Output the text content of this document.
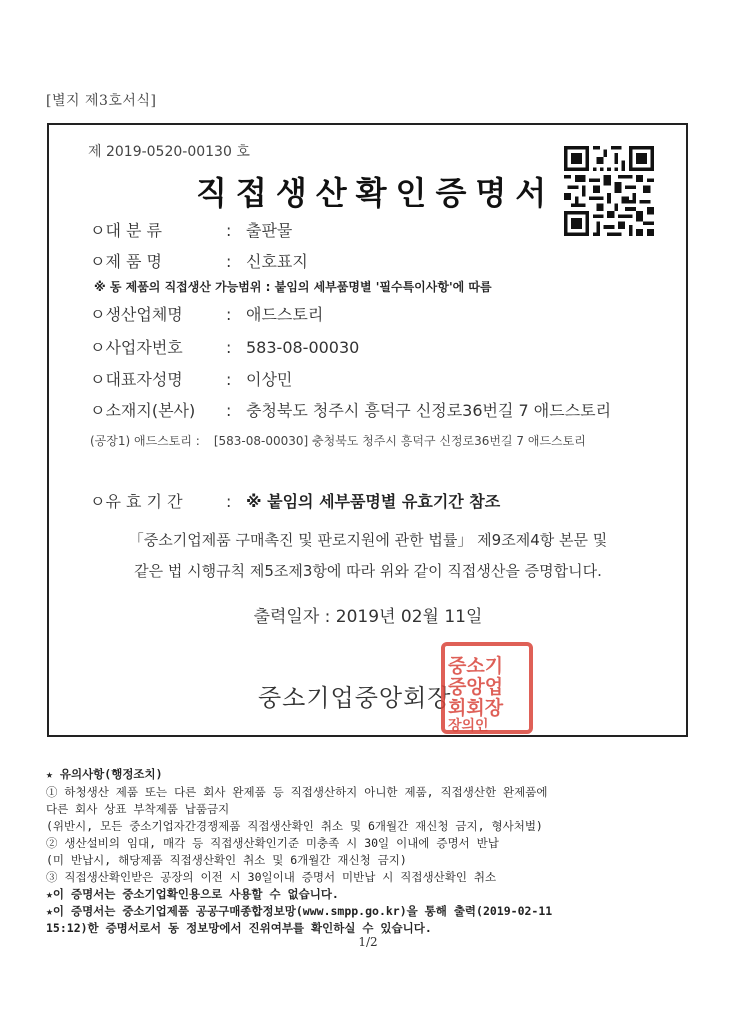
[별지 제3호서식]
제 2019-0520-00130 호
직접생산확인증명서
ㅇ대 분 류	: 출판물
ㅇ제 품 명	: 신호표지
※ 동 제품의 직접생산 가능범위 : 붙임의 세부품명별 '필수특이사항'에 따름
ㅇ생산업체명	: 애드스토리
ㅇ사업자번호	: 583-08-00030
ㅇ대표자성명	: 이상민
ㅇ소재지(본사) : 충청북도 청주시 흥덕구 신정로36번길 7 애드스토리
(공장1) 애드스토리 : [583-08-00030] 충청북도 청주시 흥덕구 신정로36번길 7 애드스토리
ㅇ유 효 기 간	: ※ 붙임의 세부품명별 유효기간 참조
「중소기업제품 구매촉진 및 판로지원에 관한 법률」 제9조제4항 본문 및
같은 법 시행규칙 제5조제3항에 따라 위와 같이 직접생산을 증명합니다.
출력일자 : 2019년 02월 11일
중소기업중앙회장
중소기
중앙업
회회장
장의인
★ 유의사항(행정조치)
① 하청생산 제품 또는 다른 회사 완제품 등 직접생산하지 아니한 제품, 직접생산한 완제품에
다른 회사 상표 부착제품 납품금지
(위반시, 모든 중소기업자간경쟁제품 직접생산확인 취소 및 6개월간 재신청 금지, 형사처벌)
② 생산설비의 임대, 매각 등 직접생산확인기준 미충족 시 30일 이내에 증명서 반납
(미 반납시, 해당제품 직접생산확인 취소 및 6개월간 재신청 금지)
③ 직접생산확인받은 공장의 이전 시 30일이내 증명서 미반납 시 직접생산확인 취소
★이 증명서는 중소기업확인용으로 사용할 수 없습니다.
★이 증명서는 중소기업제품 공공구매종합정보망(www.smpp.go.kr)을 통해 출력(2019-02-11
15:12)한 증명서로서 동 정보망에서 진위여부를 확인하실 수 있습니다.
1/2
